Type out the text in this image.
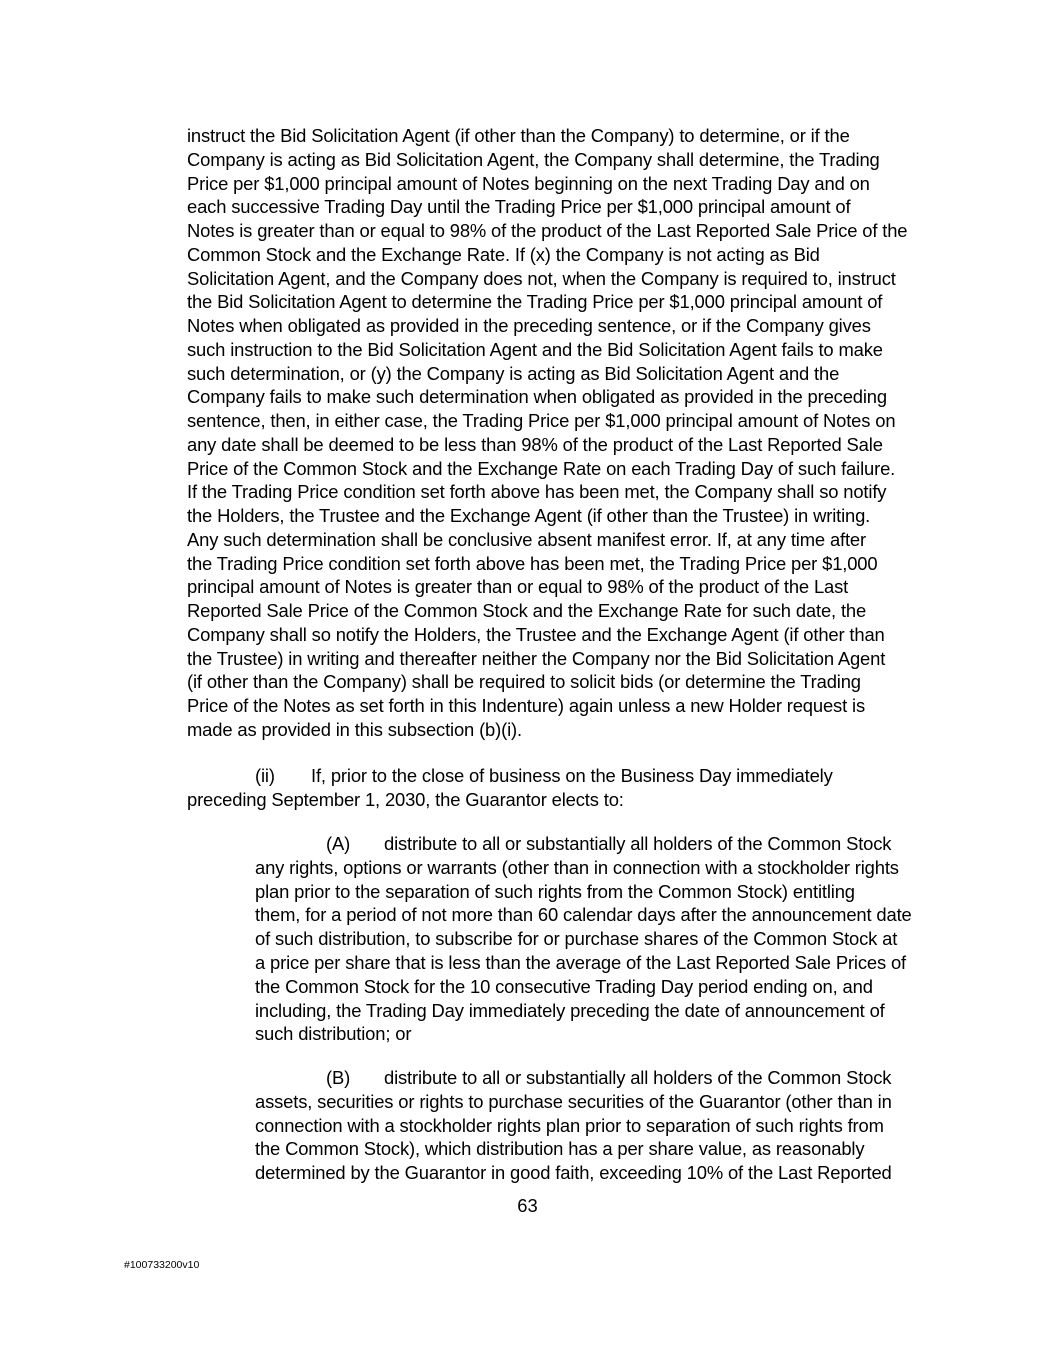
instruct the Bid Solicitation Agent (if other than the Company) to determine, or if the
Company is acting as Bid Solicitation Agent, the Company shall determine, the Trading
Price per $1,000 principal amount of Notes beginning on the next Trading Day and on
each successive Trading Day until the Trading Price per $1,000 principal amount of
Notes is greater than or equal to 98% of the product of the Last Reported Sale Price of the
Common Stock and the Exchange Rate. If (x) the Company is not acting as Bid
Solicitation Agent, and the Company does not, when the Company is required to, instruct
the Bid Solicitation Agent to determine the Trading Price per $1,000 principal amount of
Notes when obligated as provided in the preceding sentence, or if the Company gives
such instruction to the Bid Solicitation Agent and the Bid Solicitation Agent fails to make
such determination, or (y) the Company is acting as Bid Solicitation Agent and the
Company fails to make such determination when obligated as provided in the preceding
sentence, then, in either case, the Trading Price per $1,000 principal amount of Notes on
any date shall be deemed to be less than 98% of the product of the Last Reported Sale
Price of the Common Stock and the Exchange Rate on each Trading Day of such failure.
If the Trading Price condition set forth above has been met, the Company shall so notify
the Holders, the Trustee and the Exchange Agent (if other than the Trustee) in writing.
Any such determination shall be conclusive absent manifest error. If, at any time after
the Trading Price condition set forth above has been met, the Trading Price per $1,000
principal amount of Notes is greater than or equal to 98% of the product of the Last
Reported Sale Price of the Common Stock and the Exchange Rate for such date, the
Company shall so notify the Holders, the Trustee and the Exchange Agent (if other than
the Trustee) in writing and thereafter neither the Company nor the Bid Solicitation Agent
(if other than the Company) shall be required to solicit bids (or determine the Trading
Price of the Notes as set forth in this Indenture) again unless a new Holder request is
made as provided in this subsection (b)(i).
(ii) If, prior to the close of business on the Business Day immediately
preceding September 1, 2030, the Guarantor elects to:
(A) distribute to all or substantially all holders of the Common Stock
any rights, options or warrants (other than in connection with a stockholder rights
plan prior to the separation of such rights from the Common Stock) entitling
them, for a period of not more than 60 calendar days after the announcement date
of such distribution, to subscribe for or purchase shares of the Common Stock at
a price per share that is less than the average of the Last Reported Sale Prices of
the Common Stock for the 10 consecutive Trading Day period ending on, and
including, the Trading Day immediately preceding the date of announcement of
such distribution; or
(B) distribute to all or substantially all holders of the Common Stock
assets, securities or rights to purchase securities of the Guarantor (other than in
connection with a stockholder rights plan prior to separation of such rights from
the Common Stock), which distribution has a per share value, as reasonably
determined by the Guarantor in good faith, exceeding 10% of the Last Reported
63
#100733200v10
